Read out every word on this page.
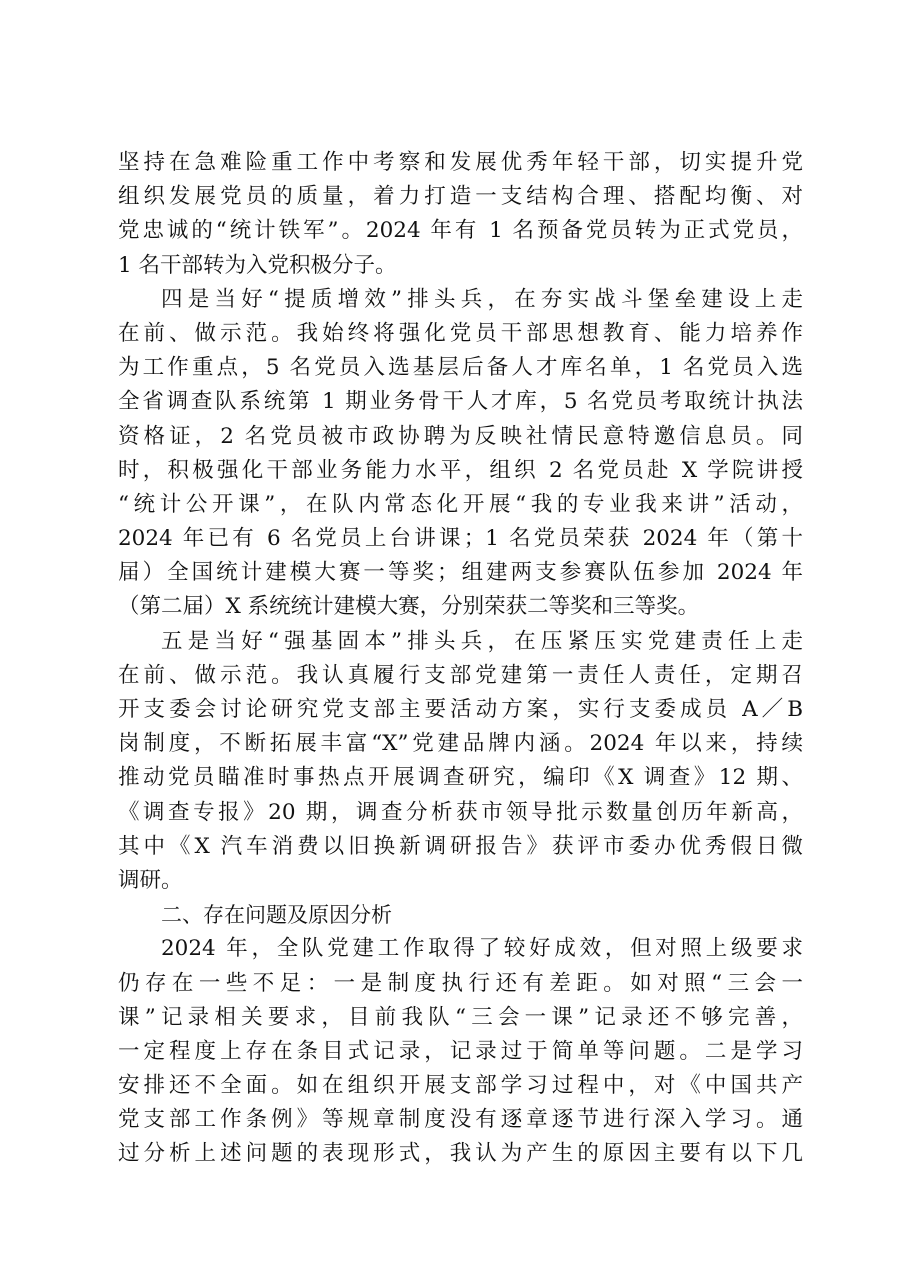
坚持在急难险重工作中考察和发展优秀年轻干部，切实提升党
组织发展党员的质量，着力打造一支结构合理、搭配均衡、对
党忠诚的“统计铁军”。2024 年有 1 名预备党员转为正式党员，
1 名干部转为入党积极分子。
四是当好“提质增效”排头兵，在夯实战斗堡垒建设上走
在前、做示范。我始终将强化党员干部思想教育、能力培养作
为工作重点，5 名党员入选基层后备人才库名单，1 名党员入选
全省调查队系统第 1 期业务骨干人才库，5 名党员考取统计执法
资格证，2 名党员被市政协聘为反映社情民意特邀信息员。同
时，积极强化干部业务能力水平，组织 2 名党员赴 X 学院讲授
“统计公开课”，在队内常态化开展“我的专业我来讲”活动，
2024 年已有 6 名党员上台讲课；1 名党员荣获 2024 年（第十
届）全国统计建模大赛一等奖；组建两支参赛队伍参加 2024 年
（第二届）X 系统统计建模大赛，分别荣获二等奖和三等奖。
五是当好“强基固本”排头兵，在压紧压实党建责任上走
在前、做示范。我认真履行支部党建第一责任人责任，定期召
开支委会讨论研究党支部主要活动方案，实行支委成员 A／B
岗制度，不断拓展丰富“X”党建品牌内涵。2024 年以来，持续
推动党员瞄准时事热点开展调查研究，编印《X 调查》12 期、
《调查专报》20 期，调查分析获市领导批示数量创历年新高，
其中《X 汽车消费以旧换新调研报告》获评市委办优秀假日微
调研。
二、存在问题及原因分析
2024 年，全队党建工作取得了较好成效，但对照上级要求
仍存在一些不足：一是制度执行还有差距。如对照“三会一
课”记录相关要求，目前我队“三会一课”记录还不够完善，
一定程度上存在条目式记录，记录过于简单等问题。二是学习
安排还不全面。如在组织开展支部学习过程中，对《中国共产
党支部工作条例》等规章制度没有逐章逐节进行深入学习。通
过分析上述问题的表现形式，我认为产生的原因主要有以下几
